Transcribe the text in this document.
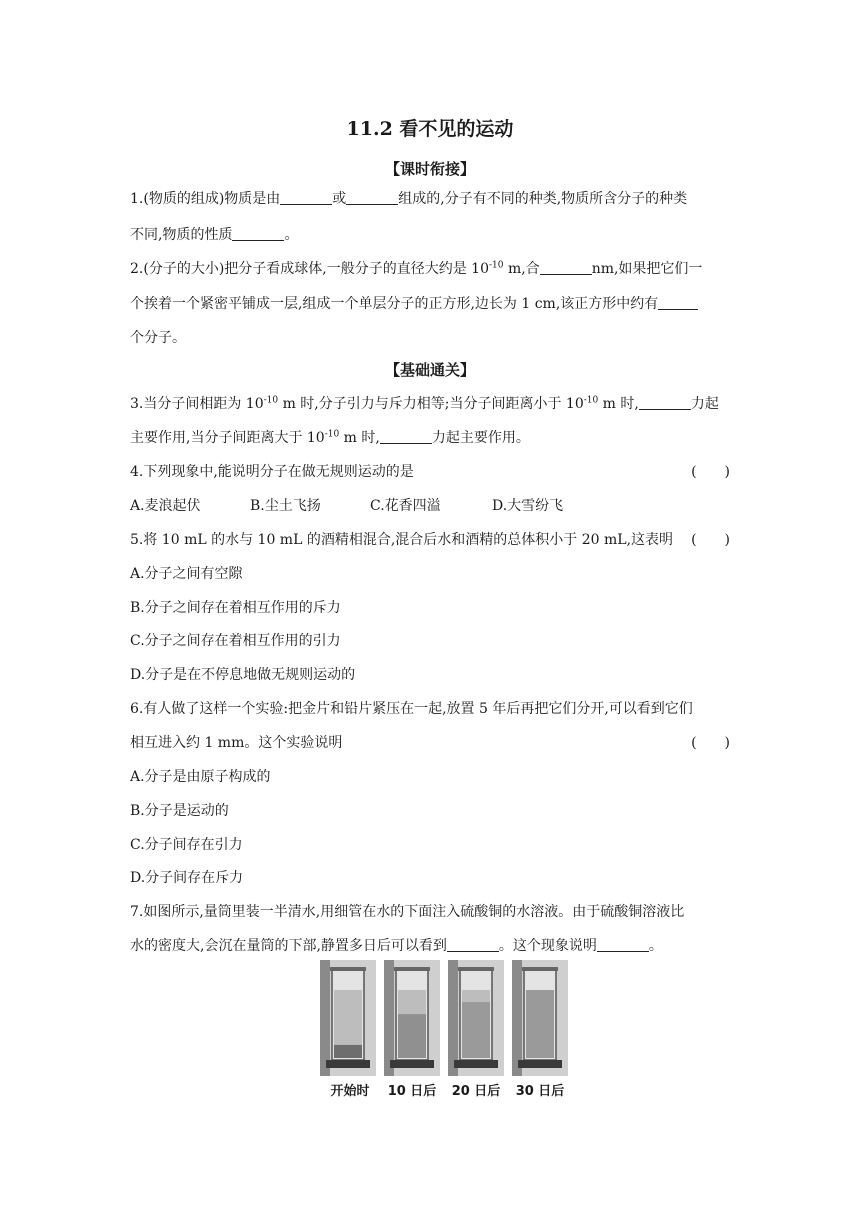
11.2 看不见的运动
【课时衔接】
1.(物质的组成)物质是由	或	组成的,分子有不同的种类,物质所含分子的种类
不同,物质的性质	。
2.(分子的大小)把分子看成球体,一般分子的直径大约是 $10^{-10}$ m,合	nm,如果把它们一
个挨着一个紧密平铺成一层,组成一个单层分子的正方形,边长为 1 cm,该正方形中约有
个分子。
【基础通关】
3.当分子间相距为 $10^{-10}$ m 时,分子引力与斥力相等;当分子间距离小于 $10^{-10}$ m 时,	力起
主要作用,当分子间距离大于 $10^{-10}$ m 时,	力起主要作用。
4.下列现象中,能说明分子在做无规则运动的是	(　　)
A.麦浪起伏	B.尘土飞扬	C.花香四溢	D.大雪纷飞
5.将 10 mL 的水与 10 mL 的酒精相混合,混合后水和酒精的总体积小于 20 mL,这表明 (　　)
A.分子之间有空隙
B.分子之间存在着相互作用的斥力
C.分子之间存在着相互作用的引力
D.分子是在不停息地做无规则运动的
6.有人做了这样一个实验:把金片和铅片紧压在一起,放置 5 年后再把它们分开,可以看到它们
相互进入约 1 mm。这个实验说明	(　　)
A.分子是由原子构成的
B.分子是运动的
C.分子间存在引力
D.分子间存在斥力
7.如图所示,量筒里装一半清水,用细管在水的下面注入硫酸铜的水溶液。由于硫酸铜溶液比
水的密度大,会沉在量筒的下部,静置多日后可以看到	。这个现象说明	。
开始时	10 日后	20 日后	30 日后
